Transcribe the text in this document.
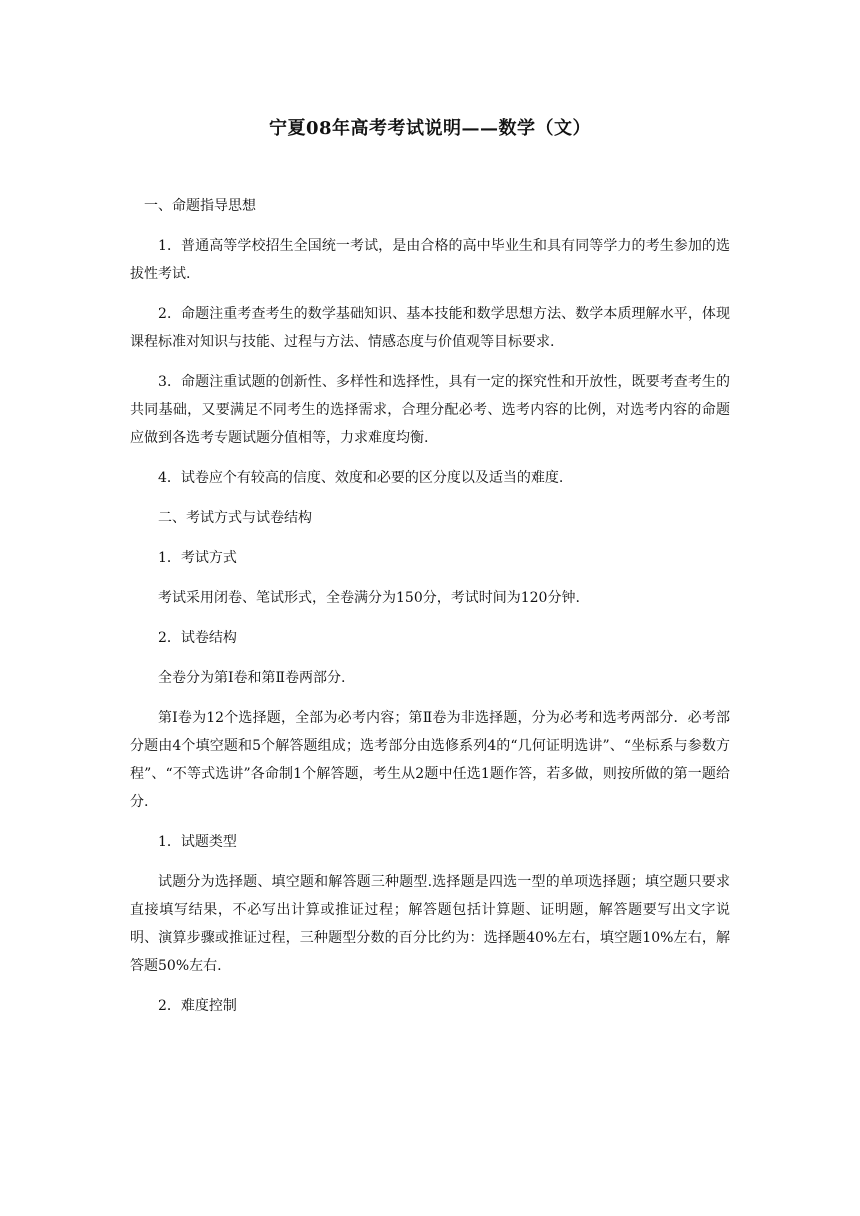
宁夏08年高考考试说明——数学（文）

一、命题指导思想

1．普通高等学校招生全国统一考试，是由合格的高中毕业生和具有同等学力的考生参加的选拔性考试.

2．命题注重考查考生的数学基础知识、基本技能和数学思想方法、数学本质理解水平，体现课程标准对知识与技能、过程与方法、情感态度与价值观等目标要求.

3．命题注重试题的创新性、多样性和选择性，具有一定的探究性和开放性，既要考查考生的共同基础，又要满足不同考生的选择需求，合理分配必考、选考内容的比例，对选考内容的命题应做到各选考专题试题分值相等，力求难度均衡.

4．试卷应个有较高的信度、效度和必要的区分度以及适当的难度.

二、考试方式与试卷结构

1．考试方式

考试采用闭卷、笔试形式，全卷满分为150分，考试时间为120分钟.

2．试卷结构

全卷分为第Ⅰ卷和第Ⅱ卷两部分.

第Ⅰ卷为12个选择题，全部为必考内容；第Ⅱ卷为非选择题，分为必考和选考两部分．必考部分题由4个填空题和5个解答题组成；选考部分由选修系列4的“几何证明选讲”、“坐标系与参数方程”、“不等式选讲”各命制1个解答题，考生从2题中任选1题作答，若多做，则按所做的第一题给分.

1．试题类型

试题分为选择题、填空题和解答题三种题型.选择题是四选一型的单项选择题；填空题只要求直接填写结果，不必写出计算或推证过程；解答题包括计算题、证明题，解答题要写出文字说明、演算步骤或推证过程，三种题型分数的百分比约为：选择题40%左右，填空题10%左右，解答题50%左右.

2．难度控制
